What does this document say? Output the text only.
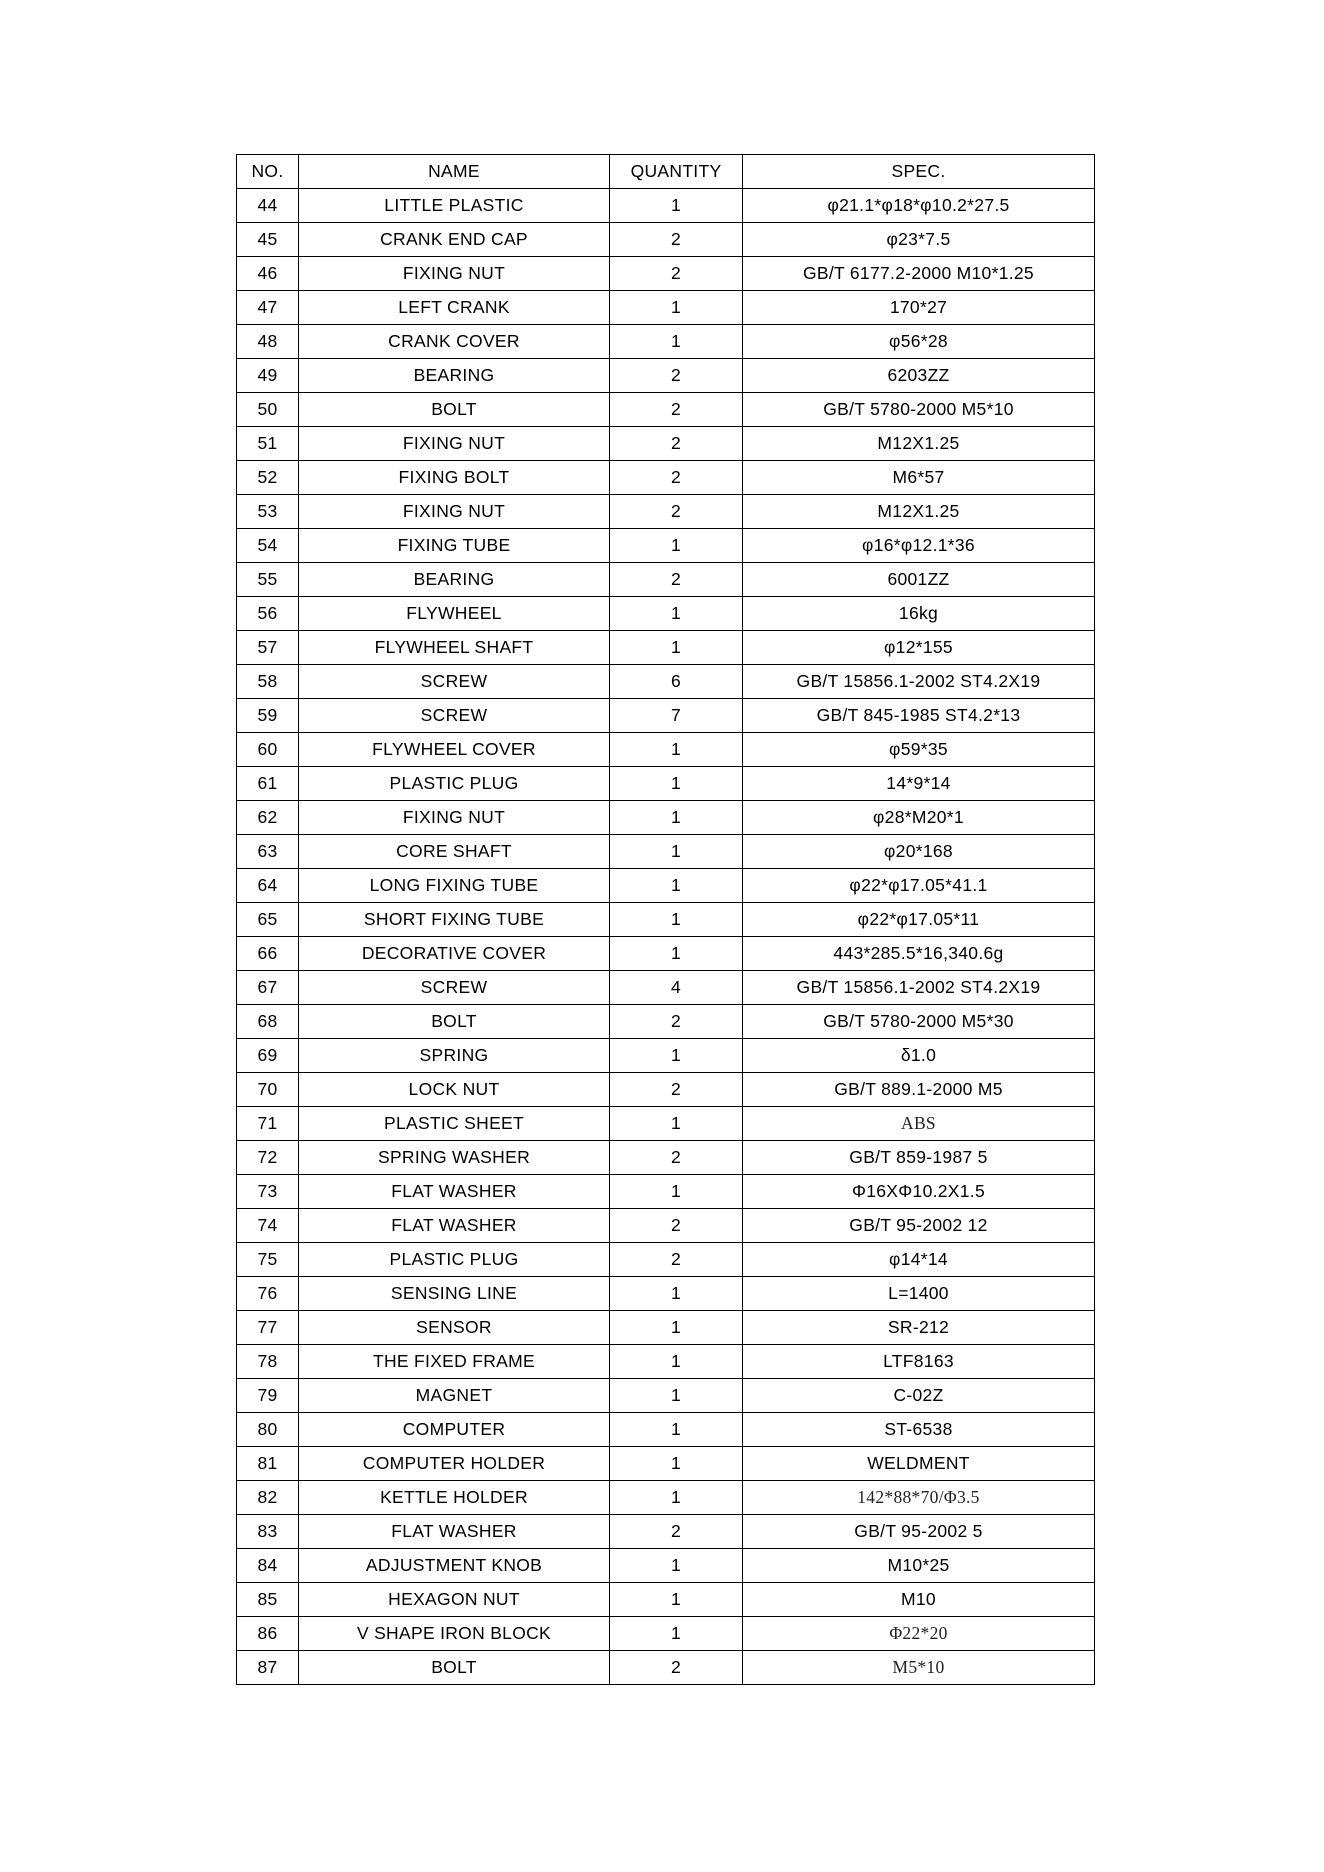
NO.	NAME	QUANTITY	SPEC.
44	LITTLE PLASTIC	1	φ21.1*φ18*φ10.2*27.5
45	CRANK END CAP	2	φ23*7.5
46	FIXING NUT	2	GB/T 6177.2-2000 M10*1.25
47	LEFT CRANK	1	170*27
48	CRANK COVER	1	φ56*28
49	BEARING	2	6203ZZ
50	BOLT	2	GB/T 5780-2000 M5*10
51	FIXING NUT	2	M12X1.25
52	FIXING BOLT	2	M6*57
53	FIXING NUT	2	M12X1.25
54	FIXING TUBE	1	φ16*φ12.1*36
55	BEARING	2	6001ZZ
56	FLYWHEEL	1	16kg
57	FLYWHEEL SHAFT	1	φ12*155
58	SCREW	6	GB/T 15856.1-2002 ST4.2X19
59	SCREW	7	GB/T 845-1985 ST4.2*13
60	FLYWHEEL COVER	1	φ59*35
61	PLASTIC PLUG	1	14*9*14
62	FIXING NUT	1	φ28*M20*1
63	CORE SHAFT	1	φ20*168
64	LONG FIXING TUBE	1	φ22*φ17.05*41.1
65	SHORT FIXING TUBE	1	φ22*φ17.05*11
66	DECORATIVE COVER	1	443*285.5*16,340.6g
67	SCREW	4	GB/T 15856.1-2002 ST4.2X19
68	BOLT	2	GB/T 5780-2000 M5*30
69	SPRING	1	δ1.0
70	LOCK NUT	2	GB/T 889.1-2000 M5
71	PLASTIC SHEET	1	ABS
72	SPRING WASHER	2	GB/T 859-1987 5
73	FLAT WASHER	1	Φ16XΦ10.2X1.5
74	FLAT WASHER	2	GB/T 95-2002 12
75	PLASTIC PLUG	2	φ14*14
76	SENSING LINE	1	L=1400
77	SENSOR	1	SR-212
78	THE FIXED FRAME	1	LTF8163
79	MAGNET	1	C-02Z
80	COMPUTER	1	ST-6538
81	COMPUTER HOLDER	1	WELDMENT
82	KETTLE HOLDER	1	142*88*70/Φ3.5
83	FLAT WASHER	2	GB/T 95-2002 5
84	ADJUSTMENT KNOB	1	M10*25
85	HEXAGON NUT	1	M10
86	V SHAPE IRON BLOCK	1	Φ22*20
87	BOLT	2	M5*10
